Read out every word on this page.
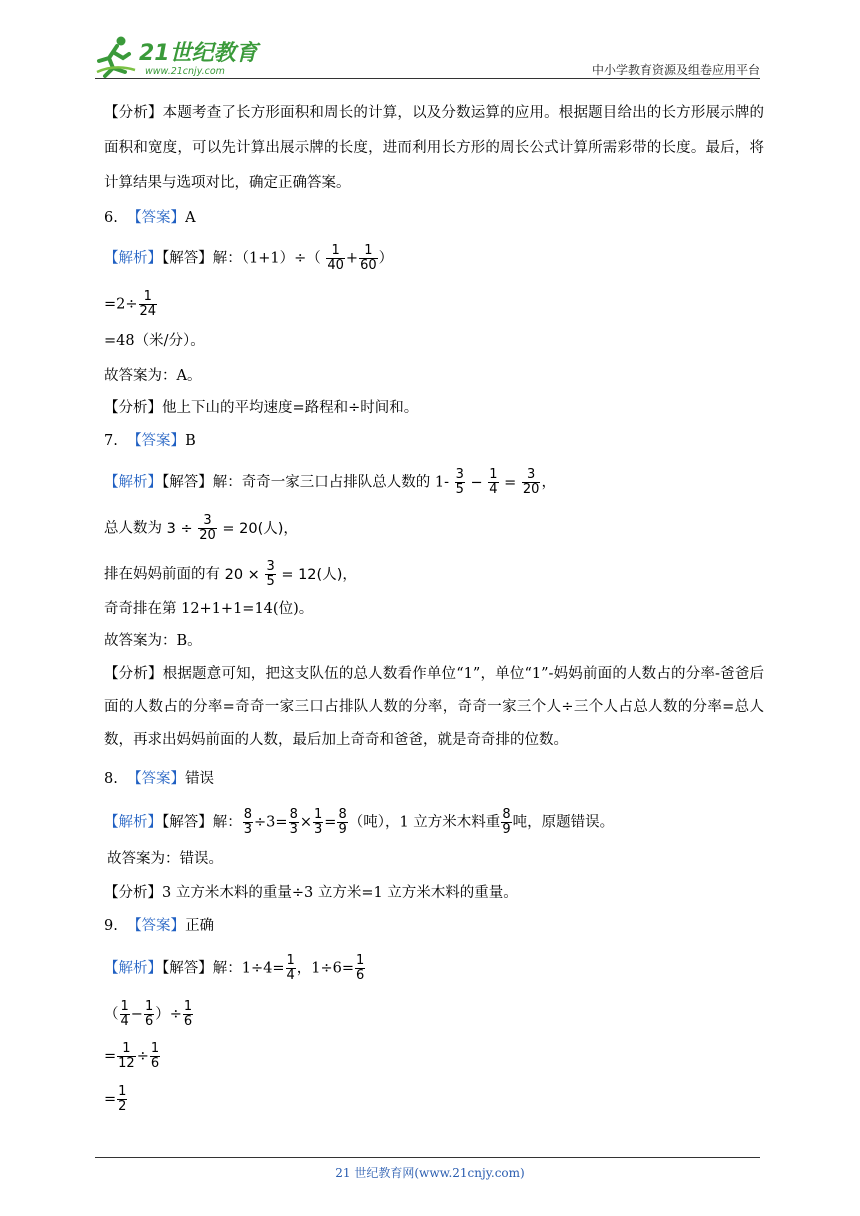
21世纪教育
www.21cnjy.com	中小学教育资源及组卷应用平台
【分析】本题考查了长方形面积和周长的计算，以及分数运算的应用。根据题目给出的长方形展示牌的面积和宽度，可以先计算出展示牌的长度，进而利用长方形的周长公式计算所需彩带的长度。最后，将计算结果与选项对比，确定正确答案。
6. 【答案】A
【解析】【解答】解：$(1+1)\div( \frac{1}{40} + \frac{1}{60}$ ）
$=2\div \frac{1}{24}$
=48（米/分）。
故答案为：A。
【分析】他上下山的平均速度=路程和÷时间和。
7. 【答案】B
【解析】【解答】解：奇奇一家三口占排队总人数的 $1- \frac{3}{5} - \frac{1}{4} = \frac{3}{20}$ ，
总人数为 $3 \div \frac{3}{20} = 20$(人)，
排在妈妈前面的有 $20 \times \frac{3}{5} = 12$(人)，
奇奇排在第 12+1+1=14(位)。
故答案为：B。
【分析】根据题意可知，把这支队伍的总人数看作单位“1”，单位“1”-妈妈前面的人数占的分率-爸爸后面的人数占的分率=奇奇一家三口占排队人数的分率，奇奇一家三个人÷三个人占总人数的分率=总人数，再求出妈妈前面的人数，最后加上奇奇和爸爸，就是奇奇排的位数。
8. 【答案】错误
【解析】【解答】解： $\frac{8}{3} \div 3= \frac{8}{3} \times \frac{1}{3} = \frac{8}{9}$ （吨），1 立方米木料重 $\frac{8}{9}$ 吨，原题错误。
故答案为：错误。
【分析】3 立方米木料的重量÷3 立方米=1 立方米木料的重量。
9. 【答案】正确
【解析】【解答】解：$1\div 4= \frac{1}{4}$ ，$1\div 6= \frac{1}{6}$
（ $\frac{1}{4} - \frac{1}{6}$ ）÷ $\frac{1}{6}$
= $\frac{1}{12} \div \frac{1}{6}$
= $\frac{1}{2}$
21 世纪教育网(www.21cnjy.com)
